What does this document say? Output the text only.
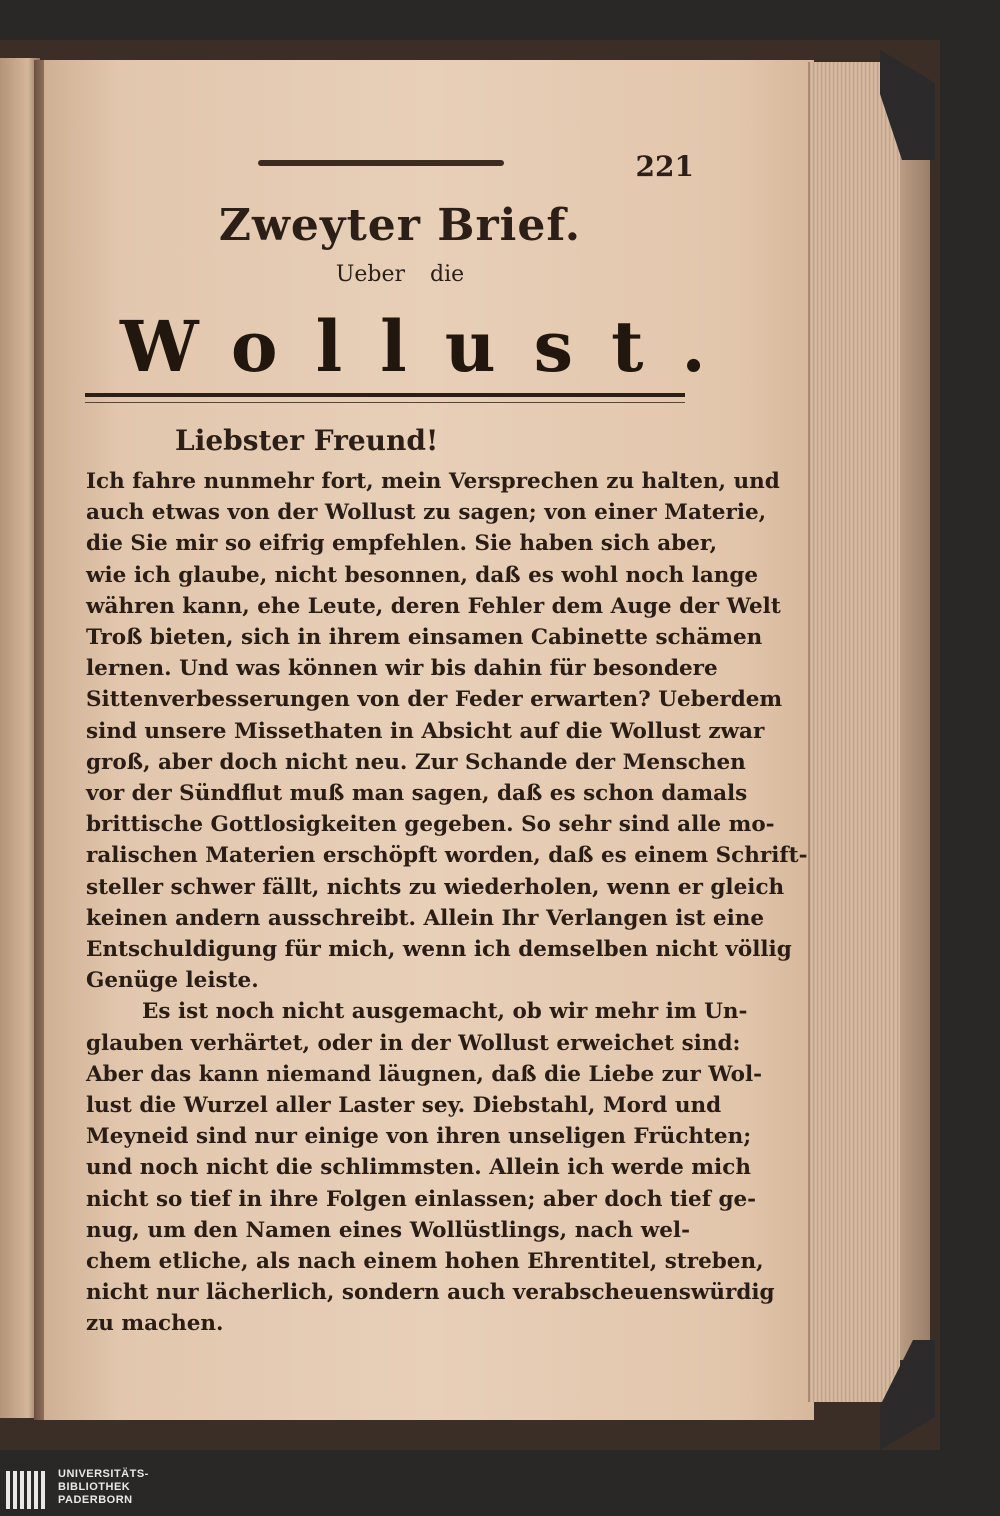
221
Zweyter Brief.
Ueber die
Wollust.
Liebster Freund!
Ich fahre nunmehr fort, mein Versprechen zu halten, und
auch etwas von der Wollust zu sagen; von einer Materie,
die Sie mir so eifrig empfehlen. Sie haben sich aber,
wie ich glaube, nicht besonnen, daß es wohl noch lange
währen kann, ehe Leute, deren Fehler dem Auge der Welt
Troß bieten, sich in ihrem einsamen Cabinette schämen
lernen. Und was können wir bis dahin für besondere
Sittenverbesserungen von der Feder erwarten? Ueberdem
sind unsere Missethaten in Absicht auf die Wollust zwar
groß, aber doch nicht neu. Zur Schande der Menschen
vor der Sündflut muß man sagen, daß es schon damals
brittische Gottlosigkeiten gegeben. So sehr sind alle mo-
ralischen Materien erschöpft worden, daß es einem Schrift-
steller schwer fällt, nichts zu wiederholen, wenn er gleich
keinen andern ausschreibt. Allein Ihr Verlangen ist eine
Entschuldigung für mich, wenn ich demselben nicht völlig
Genüge leiste.
Es ist noch nicht ausgemacht, ob wir mehr im Un-
glauben verhärtet, oder in der Wollust erweichet sind:
Aber das kann niemand läugnen, daß die Liebe zur Wol-
lust die Wurzel aller Laster sey. Diebstahl, Mord und
Meyneid sind nur einige von ihren unseligen Früchten;
und noch nicht die schlimmsten. Allein ich werde mich
nicht so tief in ihre Folgen einlassen; aber doch tief ge-
nug, um den Namen eines Wollüstlings, nach wel-
chem etliche, als nach einem hohen Ehrentitel, streben,
nicht nur lächerlich, sondern auch verabscheuenswürdig
zu machen.
UNIVERSITÄTS-
BIBLIOTHEK
PADERBORN
